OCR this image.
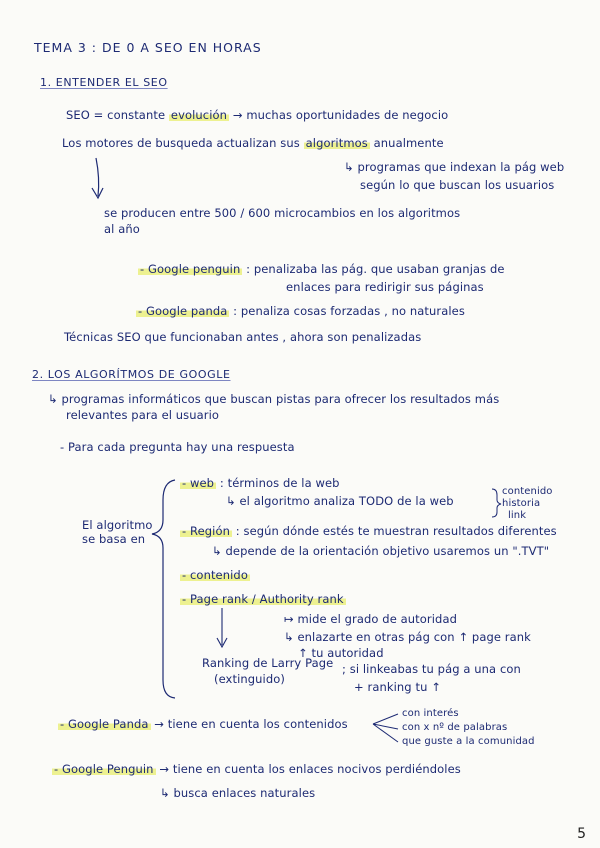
TEMA 3 : DE 0 A SEO EN HORAS
1. ENTENDER EL SEO
SEO = constante evolución → muchas oportunidades de negocio
Los motores de busqueda actualizan sus algoritmos anualmente
↳ programas que indexan la pág web
según lo que buscan los usuarios
se producen entre 500 / 600 microcambios en los algoritmos
al año
- Google penguin : penalizaba las pág. que usaban granjas de
enlaces para redirigir sus páginas
- Google panda : penaliza cosas forzadas , no naturales
Técnicas SEO que funcionaban antes , ahora son penalizadas
2. LOS ALGORÍTMOS DE GOOGLE
↳ programas informáticos que buscan pistas para ofrecer los resultados más
relevantes para el usuario
- Para cada pregunta hay una respuesta
El algoritmo
se basa en
- web : términos de la web
↳ el algoritmo analiza TODO de la web
contenido
historia
link
- Región : según dónde estés te muestran resultados diferentes
↳ depende de la orientación objetivo usaremos un ".TVT"
- contenido
- Page rank / Authority rank
↦ mide el grado de autoridad
↳ enlazarte en otras pág con ↑ page rank
↑ tu autoridad
Ranking de Larry Page
(extinguido)
; si linkeabas tu pág a una con
+ ranking tu ↑
- Google Panda → tiene en cuenta los contenidos
con interés
con x nº de palabras
que guste a la comunidad
- Google Penguin → tiene en cuenta los enlaces nocivos perdiéndoles
↳ busca enlaces naturales
5
